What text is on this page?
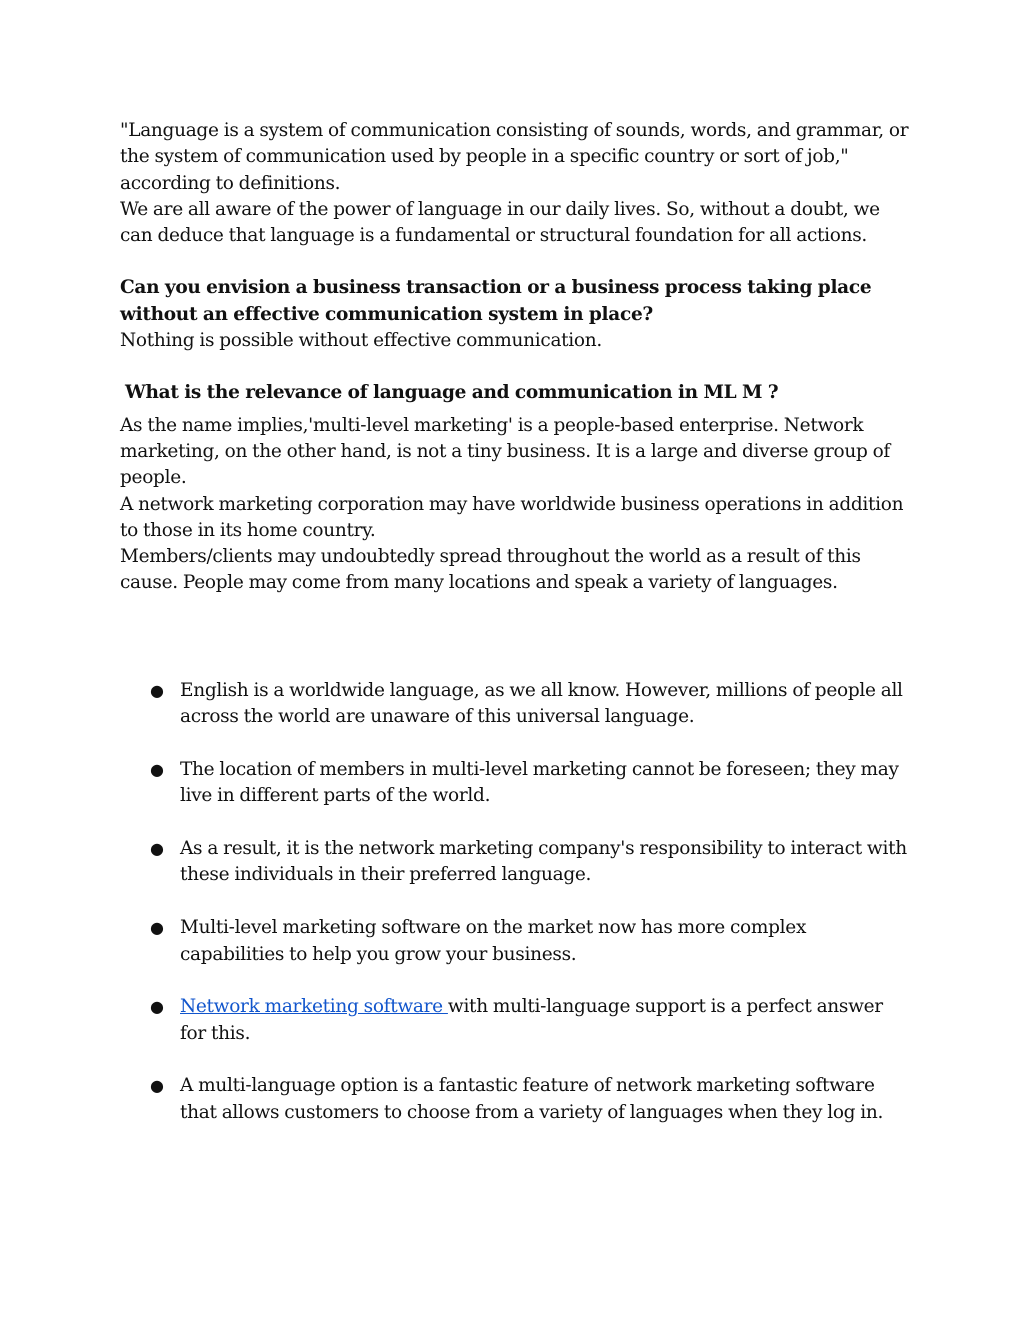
"Language is a system of communication consisting of sounds, words, and grammar, or the system of communication used by people in a specific country or sort of job," according to definitions.

We are all aware of the power of language in our daily lives. So, without a doubt, we can deduce that language is a fundamental or structural foundation for all actions.

Can you envision a business transaction or a business process taking place without an effective communication system in place?

Nothing is possible without effective communication.

What is the relevance of language and communication in ML M ?

As the name implies,'multi-level marketing' is a people-based enterprise. Network marketing, on the other hand, is not a tiny business. It is a large and diverse group of people.

A network marketing corporation may have worldwide business operations in addition to those in its home country.

Members/clients may undoubtedly spread throughout the world as a result of this cause. People may come from many locations and speak a variety of languages.

● English is a worldwide language, as we all know. However, millions of people all across the world are unaware of this universal language.
● The location of members in multi-level marketing cannot be foreseen; they may live in different parts of the world.
● As a result, it is the network marketing company's responsibility to interact with these individuals in their preferred language.
● Multi-level marketing software on the market now has more complex capabilities to help you grow your business.
● Network marketing software with multi-language support is a perfect answer for this.
● A multi-language option is a fantastic feature of network marketing software that allows customers to choose from a variety of languages when they log in.
